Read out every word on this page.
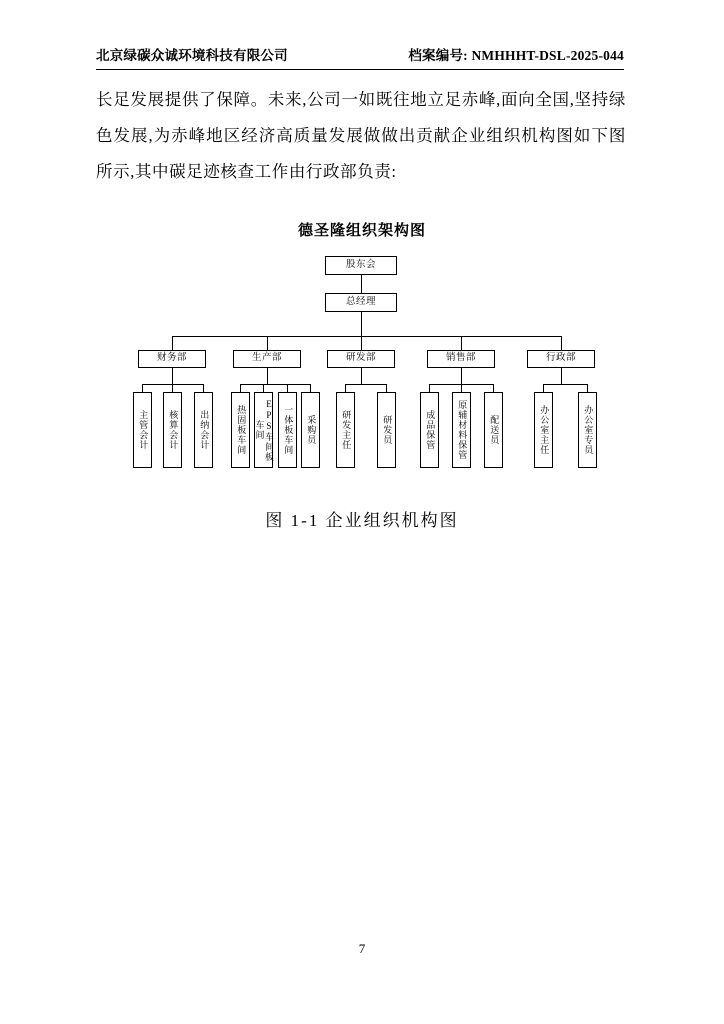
北京绿碳众诚环境科技有限公司	档案编号: NMHHHT-DSL-2025-044
长足发展提供了保障。未来,公司一如既往地立足赤峰,面向全国,坚持绿色发展,为赤峰地区经济高质量发展做做出贡献企业组织机构图如下图所示,其中碳足迹核查工作由行政部负责:
德圣隆组织架构图
股东会
总经理
财务部	生产部	研发部	销售部	行政部
主管会计	核算会计	出纳会计	热固板车间	EPS车间板车间	一体板车间	采购员	研发主任	研发员	成品保管	原辅材料保管	配送员	办公室主任	办公室专员
图 1-1 企业组织机构图
7
